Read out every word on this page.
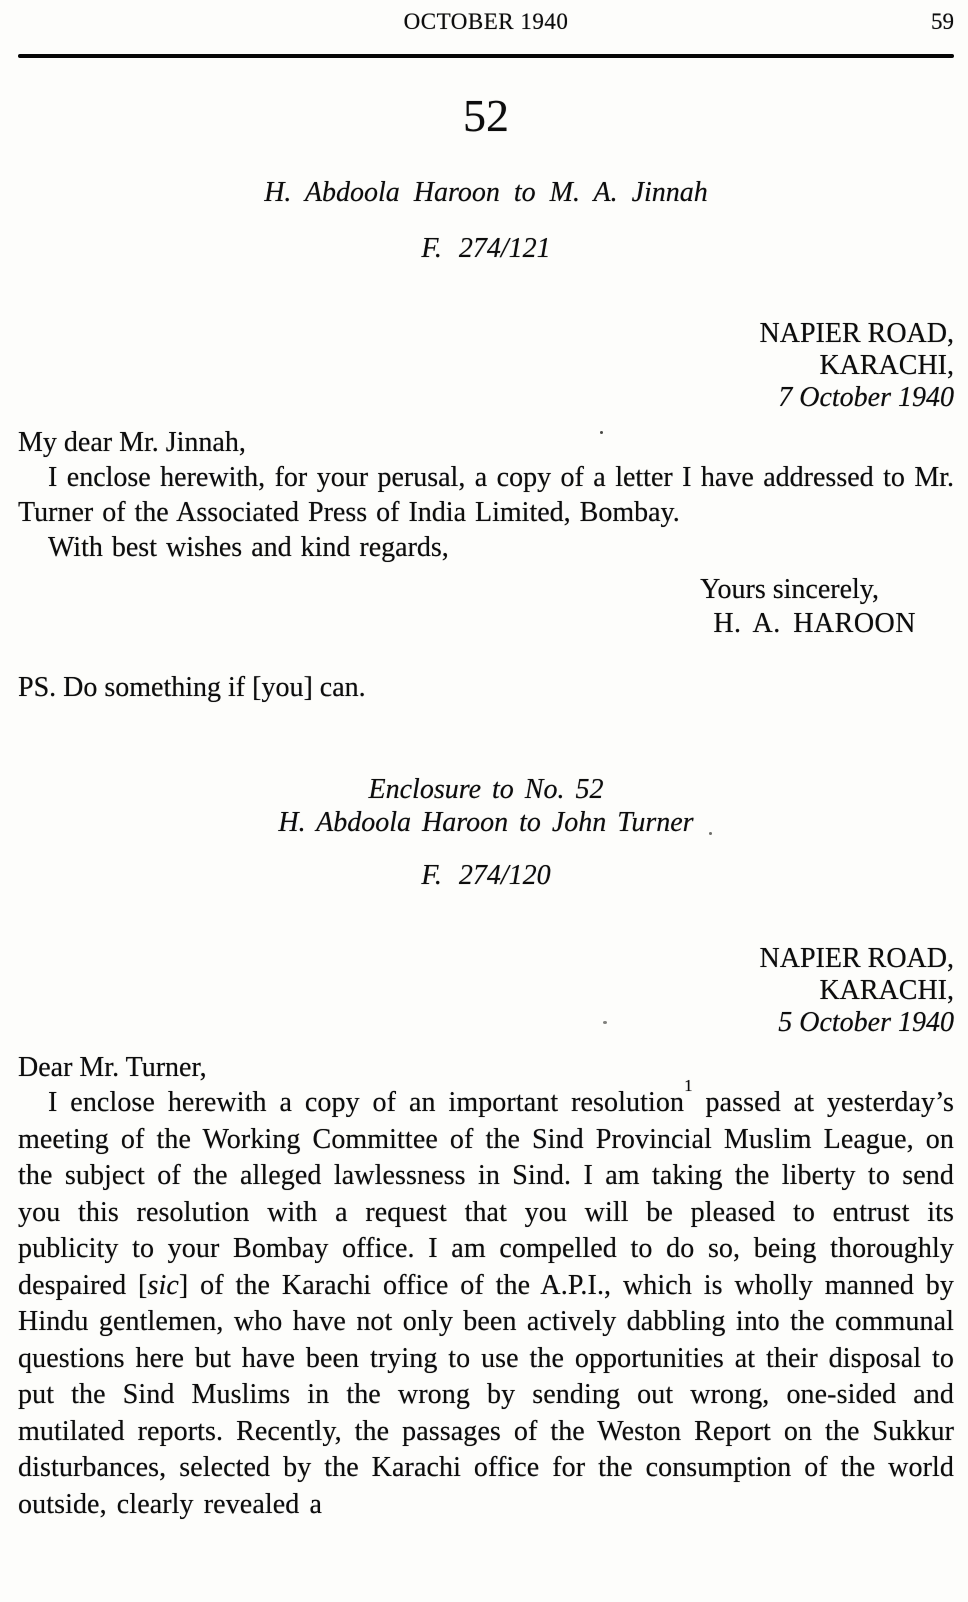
OCTOBER 1940	59
52
H. Abdoola Haroon to M. A. Jinnah
F. 274/121
NAPIER ROAD,
KARACHI,
7 October 1940
My dear Mr. Jinnah,

I enclose herewith, for your perusal, a copy of a letter I have addressed to Mr. Turner of the Associated Press of India Limited, Bombay.

With best wishes and kind regards,

Yours sincerely,
H. A. HAROON

PS. Do something if [you] can.

Enclosure to No. 52
H. Abdoola Haroon to John Turner
F. 274/120
NAPIER ROAD,
KARACHI,
5 October 1940
Dear Mr. Turner,

I enclose herewith a copy of an important resolution$^1$ passed at yesterday’s meeting of the Working Committee of the Sind Provincial Muslim League, on the subject of the alleged lawlessness in Sind. I am taking the liberty to send you this resolution with a request that you will be pleased to entrust its publicity to your Bombay office. I am compelled to do so, being thoroughly despaired [sic] of the Karachi office of the A.P.I., which is wholly manned by Hindu gentlemen, who have not only been actively dabbling into the communal questions here but have been trying to use the opportunities at their disposal to put the Sind Muslims in the wrong by sending out wrong, one-sided and mutilated reports. Recently, the passages of the Weston Report on the Sukkur disturbances, selected by the Karachi office for the consumption of the world outside, clearly revealed a
